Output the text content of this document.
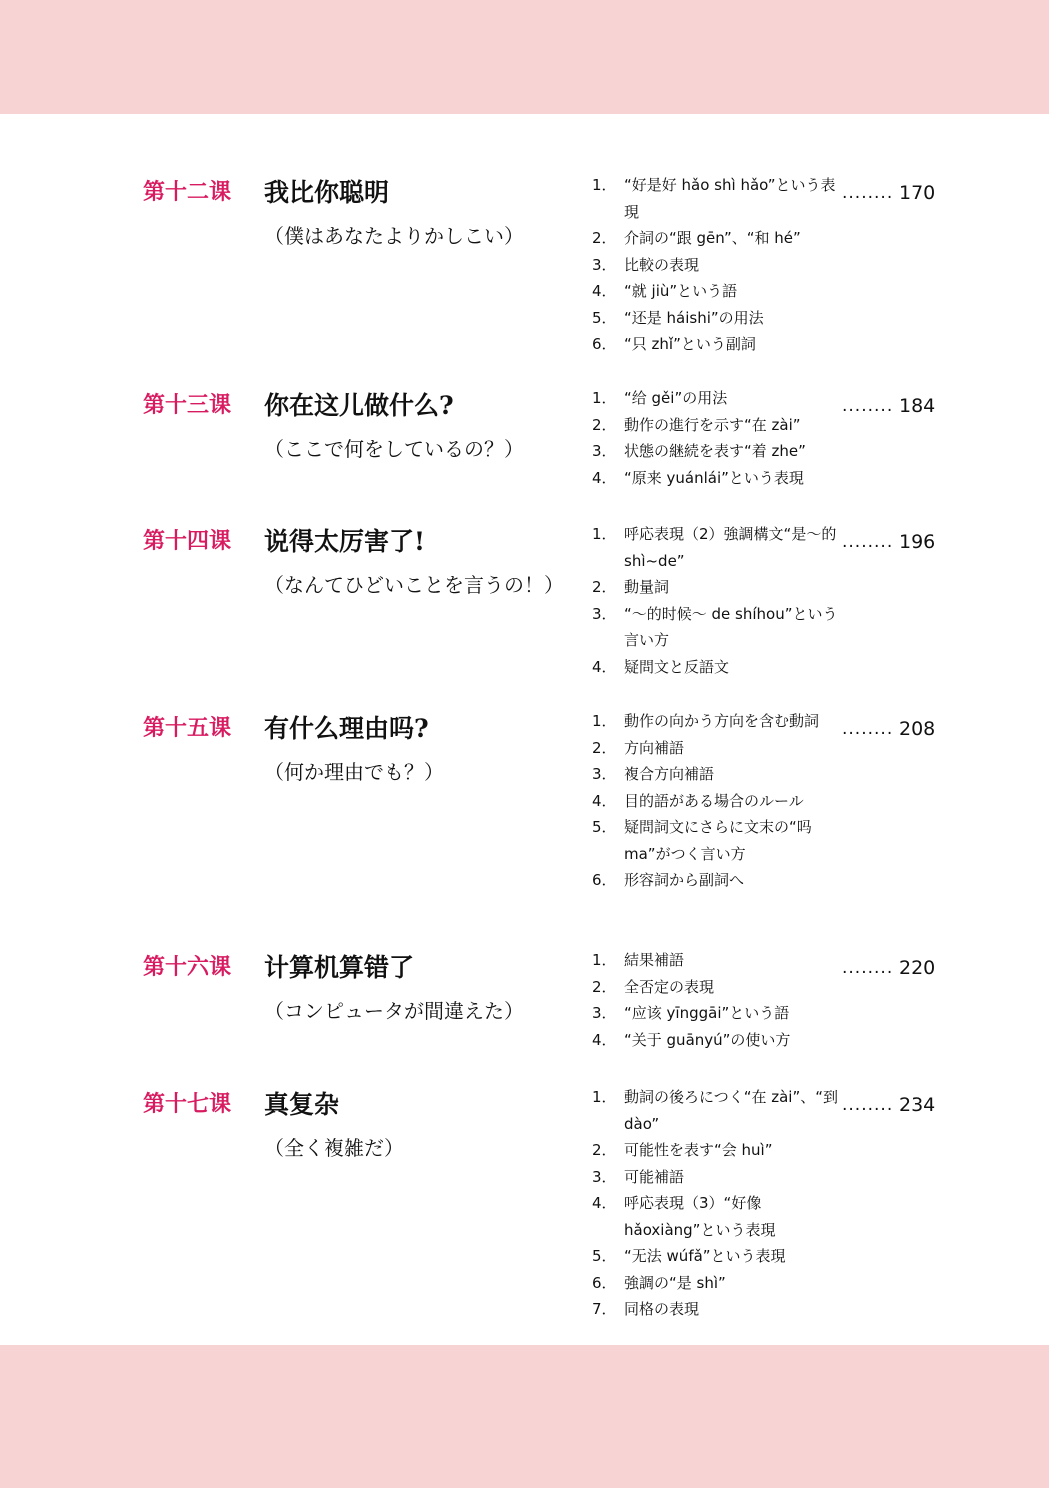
第十二课 我比你聪明
（僕はあなたよりかしこい）
1． “好是好 hǎo shì hǎo”という表現
2． 介詞の“跟 gēn”、“和 hé”
3． 比較の表現
4． “就 jiù”という語
5． “还是 háishi”の用法
6． “只 zhǐ”という副詞
........ 170
第十三课 你在这儿做什么?
（ここで何をしているの？）
1． “给 gěi”の用法
2． 動作の進行を示す“在 zài”
3． 状態の継続を表す“着 zhe”
4． “原来 yuánlái”という表現
........ 184
第十四课 说得太厉害了!
（なんてひどいことを言うの！）
1． 呼応表現（2）強調構文“是～的 shì~de”
2． 動量詞
3． “～的时候～ de shíhou”という言い方
4． 疑問文と反語文
........ 196
第十五课 有什么理由吗?
（何か理由でも？）
1． 動作の向かう方向を含む動詞
2． 方向補語
3． 複合方向補語
4． 目的語がある場合のルール
5． 疑問詞文にさらに文末の“吗 ma”がつく言い方
6． 形容詞から副詞へ
........ 208
第十六课 计算机算错了
（コンピュータが間違えた）
1． 結果補語
2． 全否定の表現
3． “应该 yīnggāi”という語
4． “关于 guānyú”の使い方
........ 220
第十七课 真复杂
（全く複雑だ）
1． 動詞の後ろにつく“在 zài”、“到 dào”
2． 可能性を表す“会 huì”
3． 可能補語
4． 呼応表現（3）“好像 hǎoxiàng”という表現
5． “无法 wúfǎ”という表現
6． 強調の“是 shì”
7． 同格の表現
........ 234
